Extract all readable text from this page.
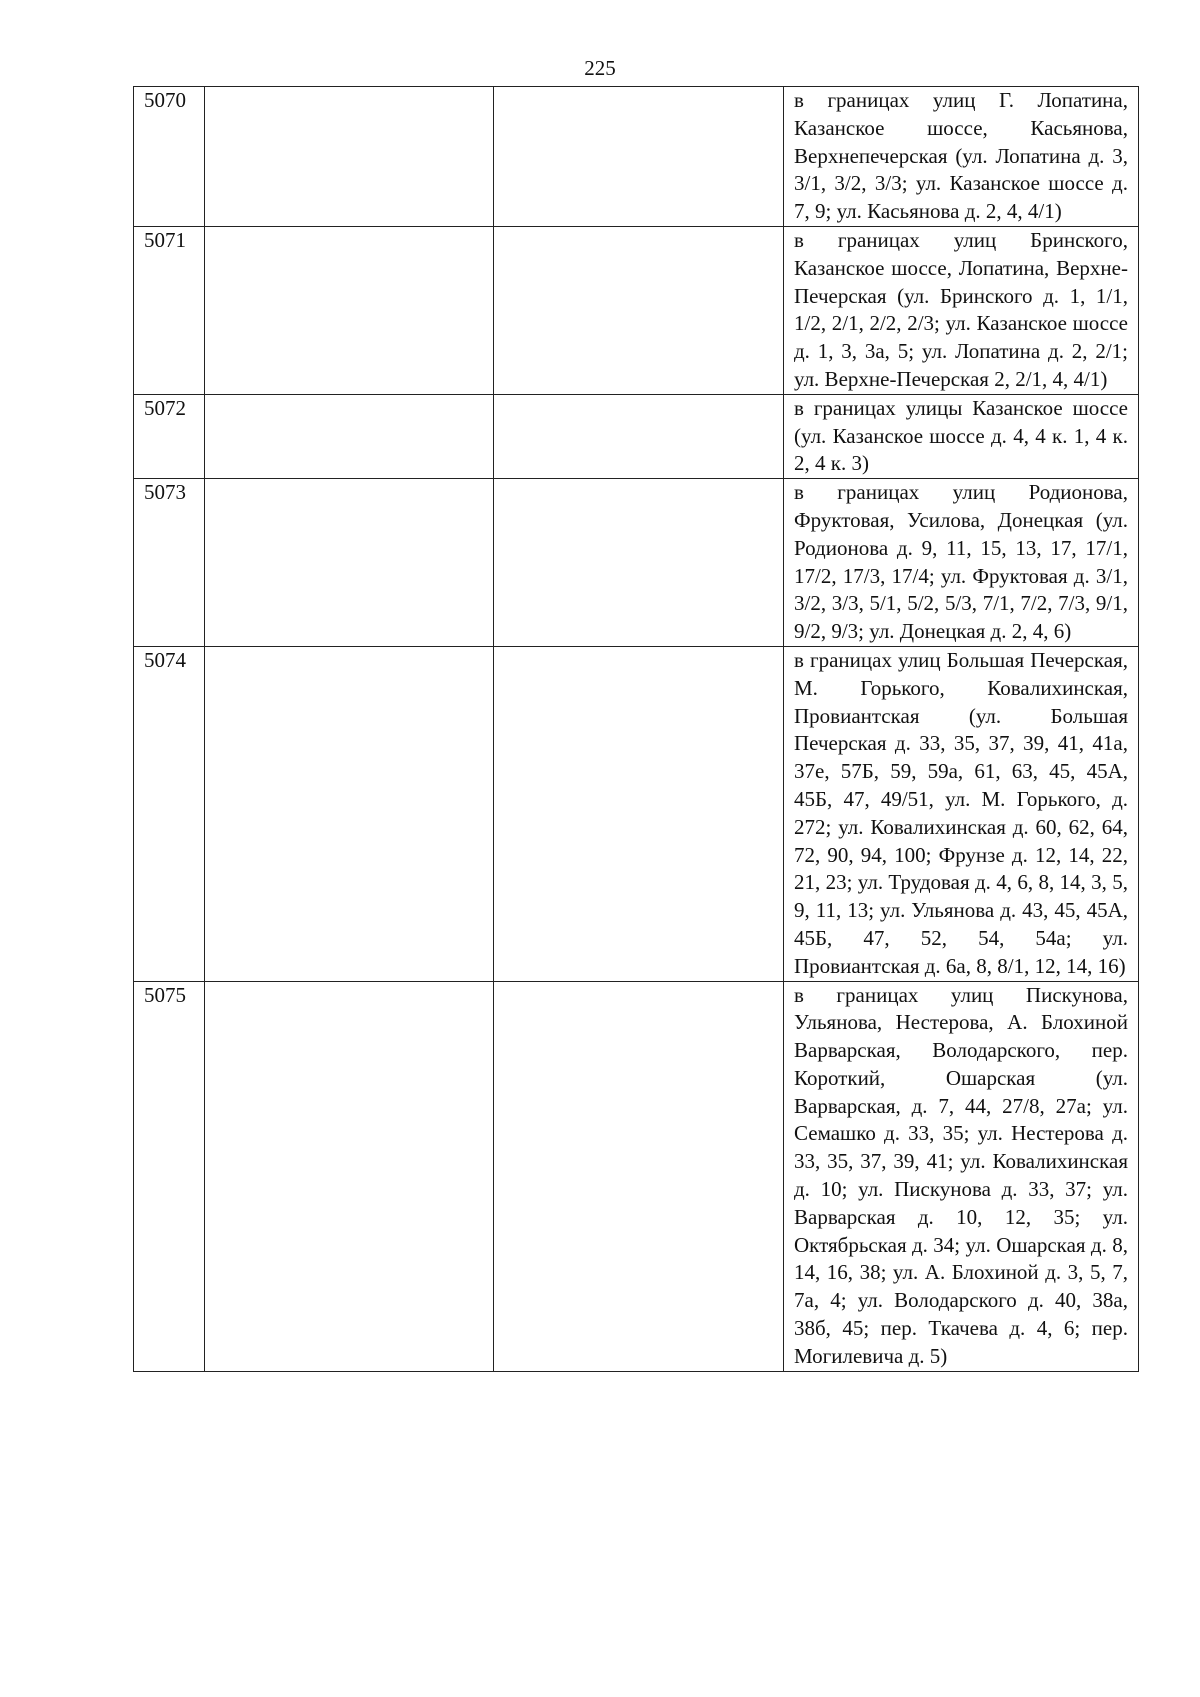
225
5070			в границах улиц Г. Лопатина, Казанское шоссе, Касьянова, Верхнепечерская (ул. Лопатина д. 3, 3/1, 3/2, 3/3; ул. Казанское шоссе д. 7, 9; ул. Касьянова д. 2, 4, 4/1)
5071			в границах улиц Бринского, Казанское шоссе, Лопатина, Верхне-Печерская (ул. Бринского д. 1, 1/1, 1/2, 2/1, 2/2, 2/3; ул. Казанское шоссе д. 1, 3, 3а, 5; ул. Лопатина д. 2, 2/1; ул. Верхне-Печерская 2, 2/1, 4, 4/1)
5072			в границах улицы Казанское шоссе (ул. Казанское шоссе д. 4, 4 к. 1, 4 к. 2, 4 к. 3)
5073			в границах улиц Родионова, Фруктовая, Усилова, Донецкая (ул. Родионова д. 9, 11, 15, 13, 17, 17/1, 17/2, 17/3, 17/4; ул. Фруктовая д. 3/1, 3/2, 3/3, 5/1, 5/2, 5/3, 7/1, 7/2, 7/3, 9/1, 9/2, 9/3; ул. Донецкая д. 2, 4, 6)
5074			в границах улиц Большая Печерская, М. Горького, Ковалихинская, Провиантская (ул. Большая Печерская д. 33, 35, 37, 39, 41, 41а, 37е, 57Б, 59, 59а, 61, 63, 45, 45А, 45Б, 47, 49/51, ул. М. Горького, д. 272; ул. Ковалихинская д. 60, 62, 64, 72, 90, 94, 100; Фрунзе д. 12, 14, 22, 21, 23; ул. Трудовая д. 4, 6, 8, 14, 3, 5, 9, 11, 13; ул. Ульянова д. 43, 45, 45А, 45Б, 47, 52, 54, 54а; ул. Провиантская д. 6а, 8, 8/1, 12, 14, 16)
5075			в границах улиц Пискунова, Ульянова, Нестерова, А. Блохиной Варварская, Володарского, пер. Короткий, Ошарская (ул. Варварская, д. 7, 44, 27/8, 27а; ул. Семашко д. 33, 35; ул. Нестерова д. 33, 35, 37, 39, 41; ул. Ковалихинская д. 10; ул. Пискунова д. 33, 37; ул. Варварская д. 10, 12, 35; ул. Октябрьская д. 34; ул. Ошарская д. 8, 14, 16, 38; ул. А. Блохиной д. 3, 5, 7, 7а, 4; ул. Володарского д. 40, 38а, 38б, 45; пер. Ткачева д. 4, 6; пер. Могилевича д. 5)
